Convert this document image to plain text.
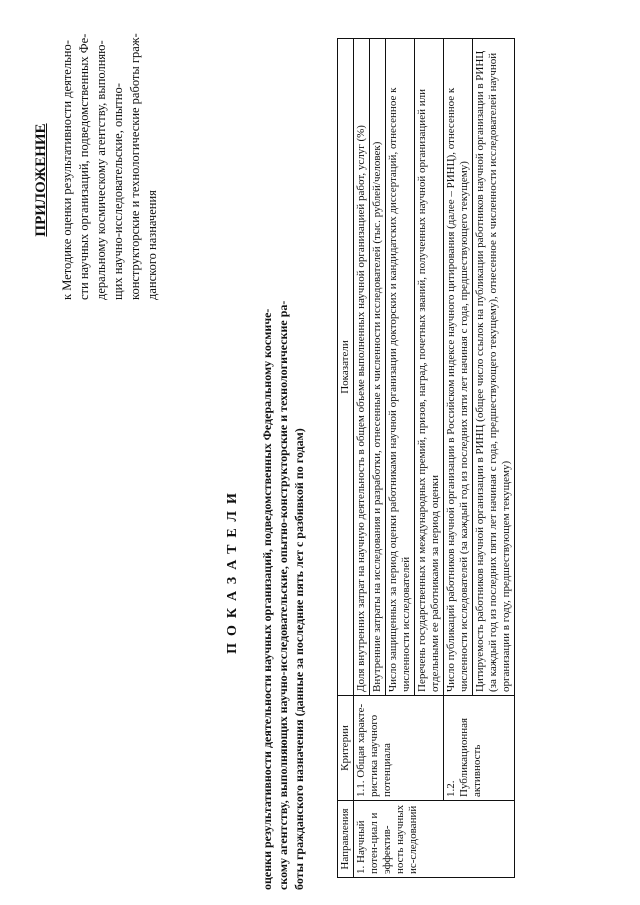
ПРИЛОЖЕНИЕ к Методике оценки результативности деятельно- сти научных организаций, подведомственных Фе- деральному космическому агентству, выполняю- щих научно-исследовательские, опытно- конструкторские и технологические работы граж- данского назначения
ПОКАЗАТЕЛИ оценки результативности деятельности научных организаций, подведомственных Федеральному космиче- скому агентству, выполняющих научно-исследовательские, опытно-конструкторские и технологические ра- боты гражданского назначения (данные за последние пять лет с разбивкой по годам)	Направления	Критерии	Показатели
1. Научный потен-циал и эффектив-ность научных ис-следований	1.1. Общая характе-ристика научного потенциала	Доля внутренних затрат на научную деятельность в общем объеме выполненных научной организацией работ, услуг (%)
		Внутренние затраты на исследования и разработки, отнесенные к численности исследователей (тыс. рублей/человек)
		Число защищенных за период оценки работниками научной организации докторских и кандидатских диссертаций, отнесенное к численности исследователей
		Перечень государственных и международных премий, призов, наград, почетных званий, полученных научной организацией или отдельными ее работниками за период оценки
	1.2. Публикационная активность	Число публикаций работников научной организации в Российском индексе научного цитирования (далее – РИНЦ), отнесенное к численности исследователей (за каждый год из последних пяти лет начиная с года, предшествующего текущему)
		Цитируемость работников научной организации в РИНЦ (общее число ссылок на публикации работников научной организации в РИНЦ (за каждый год из последних пяти лет начиная с года, предшествующего текущему), отнесенное к численности исследователей научной организации в году, предшествующем текущему)
